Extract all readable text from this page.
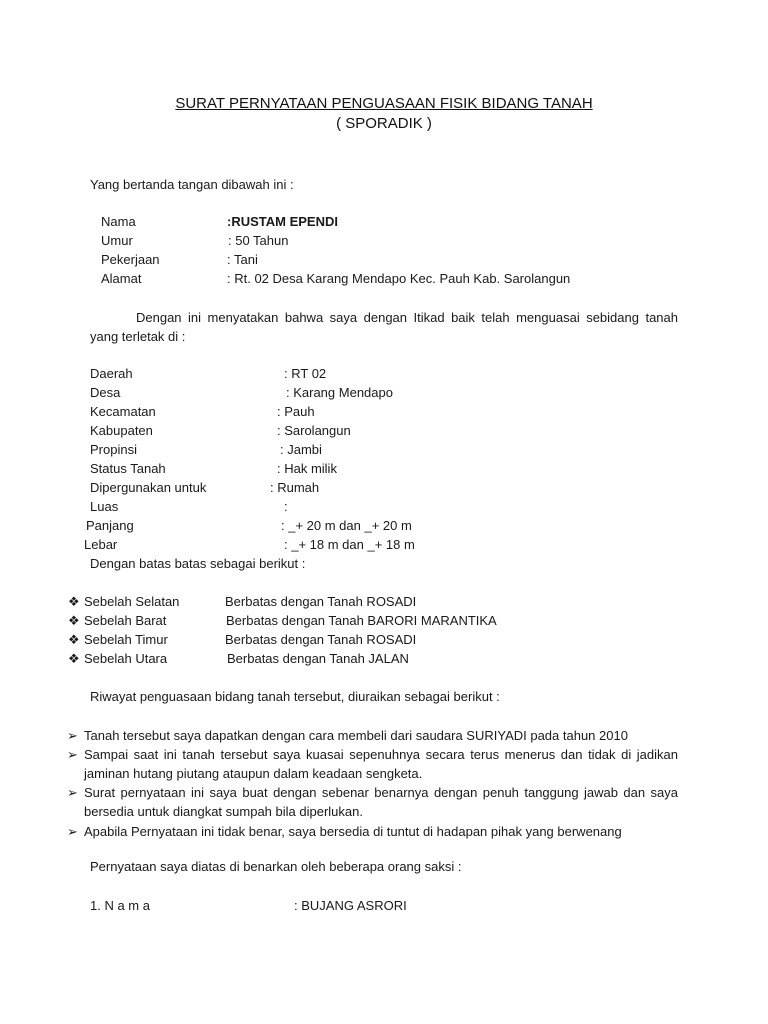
SURAT PERNYATAAN PENGUASAAN FISIK BIDANG TANAH
( SPORADIK )
Yang bertanda tangan dibawah ini :
Nama	:RUSTAM EPENDI
Umur	: 50 Tahun
Pekerjaan	: Tani
Alamat	: Rt. 02 Desa Karang Mendapo Kec. Pauh Kab. Sarolangun
Dengan ini menyatakan bahwa saya dengan Itikad baik telah menguasai sebidang tanah yang terletak di :
Daerah	: RT 02
Desa	: Karang Mendapo
Kecamatan	: Pauh
Kabupaten	: Sarolangun
Propinsi	: Jambi
Status Tanah	: Hak milik
Dipergunakan untuk	: Rumah
Luas	:
Panjang	: _+ 20 m dan _+ 20 m
Lebar	: _+ 18 m dan _+ 18 m
Dengan batas batas sebagai berikut :
❖ Sebelah Selatan	Berbatas dengan Tanah ROSADI
❖ Sebelah Barat	Berbatas dengan Tanah BARORI MARANTIKA
❖ Sebelah Timur	Berbatas dengan Tanah ROSADI
❖ Sebelah Utara	Berbatas dengan Tanah JALAN
Riwayat penguasaan bidang tanah tersebut, diuraikan sebagai berikut :
➢ Tanah tersebut saya dapatkan dengan cara membeli dari saudara SURIYADI pada tahun 2010
➢ Sampai saat ini tanah tersebut saya kuasai sepenuhnya secara terus menerus dan tidak di jadikan jaminan hutang piutang ataupun dalam keadaan sengketa.
➢ Surat pernyataan ini saya buat dengan sebenar benarnya dengan penuh tanggung jawab dan saya bersedia untuk diangkat sumpah bila diperlukan.
➢ Apabila Pernyataan ini tidak benar, saya bersedia di tuntut di hadapan pihak yang berwenang
Pernyataan saya diatas di benarkan oleh beberapa orang saksi :
1. N a m a	: BUJANG ASRORI
